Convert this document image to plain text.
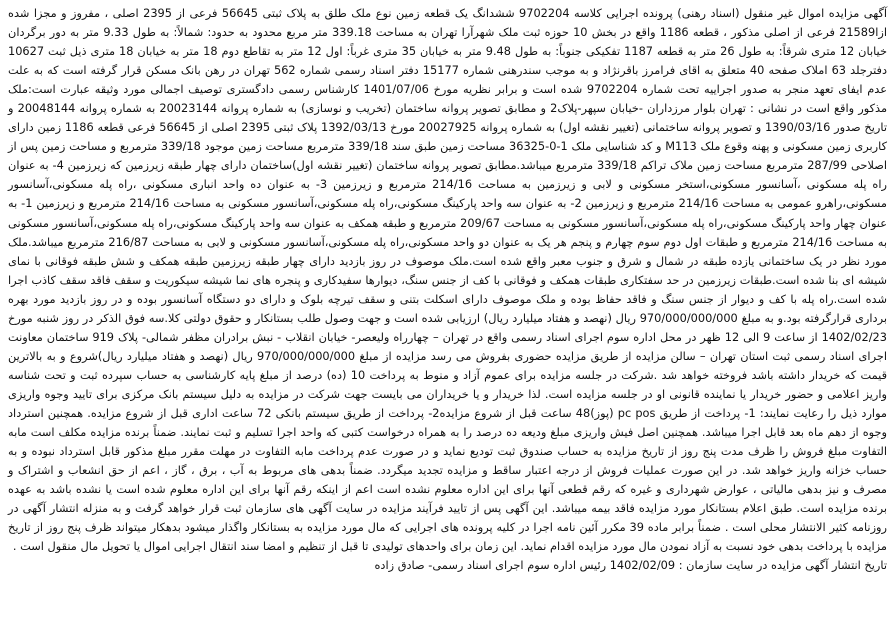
آگهی مزایده اموال غیر منقول (اسناد رهنی) پرونده اجرایی کلاسه 9702204 ششدانگ یک قطعه زمین نوع ملک طلق به پلاک ثبتی 56645 فرعی از 2395 اصلی ، مفروز و مجزا شده ازا21589 فرعی از اصلی مذکور ، قطعه 1186 واقع در بخش 10 حوزه ثبت ملک شهرآرا تهران به مساحت 339.18 متر مربع محدود به حدود: شمالاً: به طول 9.33 متر به دور برگردان خیابان 12 متری شرقاً: به طول 26 متر به قطعه 1187 تفکیکی جنوباً: به طول 9.48 متر به خیابان 35 متری غرباً: اول 12 متر به تقاطع دوم 18 متر به خیابان 18 متری ذیل ثبت 10627 دفترجلد 63 املاک صفحه 40 متعلق به اقای فرامرز باقرنژاد و به موجب سندرهنی شماره 15177 دفتر اسناد رسمی شماره 562 تهران در رهن بانک مسکن قرار گرفته است که به علت عدم ایفای تعهد منجر به صدور اجراییه تحت شماره 9702204 شده است و برابر نظریه مورخ 1401/07/06 کارشناس رسمی دادگستری توصیف اجمالی مورد وثیقه عبارت است:ملک مذکور واقع است در نشانی : تهران بلوار مرزداران -خیابان سپهر-پلاک2 و مطابق تصویر پروانه ساختمان (تخریب و نوسازی) به شماره پروانه 20023144 به شماره پروانه 20048144 و تاریخ صدور 1390/03/16 و تصویر پروانه ساختمانی (تغییر نقشه اول) به شماره پروانه 20027925 مورخ 1392/03/13 پلاک ثبتی 2395 اصلی از 56645 فرعی قطعه 1186 زمین دارای کاربری زمین مسکونی و پهنه وقوع ملک M113 و کد شناسایی ملک 1-0-36325 مساحت زمین طبق سند 339/18 مترمربع مساحت زمین موجود 339/18 مترمربع و مساحت زمین پس از اصلاحی 287/99 مترمربع مساحت زمین ملاک تراکم 339/18 مترمربع میباشد.مطابق تصویر پروانه ساختمان (تغییر نقشه اول)ساختمان دارای چهار طبقه زیرزمین که زیرزمین 4- به عنوان راه پله مسکونی ،آسانسور مسکونی،استخر مسکونی و لابی و زیرزمین به مساحت 214/16 مترمربع و زیرزمین 3- به عنوان ده واحد انباری مسکونی ،راه پله مسکونی،آسانسور مسکونی،راهرو عمومی به مساحت 214/16 مترمربع و زیرزمین 2- به عنوان سه واحد پارکینگ مسکونی،راه پله مسکونی،آسانسور مسکونی به مساحت 214/16 مترمربع و زیرزمین 1- به عنوان چهار واحد پارکینگ مسکونی،راه پله مسکونی،آسانسور مسکونی به مساحت 209/67 مترمربع و طبقه همکف به عنوان سه واحد پارکینگ مسکونی،راه پله مسکونی،آسانسور مسکونی به مساحت 214/16 مترمربع و طبقات اول دوم سوم چهارم و پنجم هر یک به عنوان دو واحد مسکونی،راه پله مسکونی،آسانسور مسکونی و لابی به مساحت 216/87 مترمربع میباشد.ملک مورد نظر در یک ساختمانی یازده طبقه در شمال و شرق و جنوب معبر واقع شده است.ملک موصوف در روز بازدید دارای چهار طبقه زیرزمین طبقه همکف و شش طبقه فوقانی با نمای شیشه ای بنا شده است.طبقات زیرزمین در حد سفتکاری طبقات همکف و فوقانی با کف از جنس سنگ، دیوارها سفیدکاری و پنجره های نما شیشه سیکوریت و سقف فاقد سقف کاذب اجرا شده است.راه پله با کف و دیوار از جنس سنگ و فاقد حفاظ بوده و ملک موصوف دارای اسکلت بتنی و سقف تیرچه بلوک و دارای دو دستگاه آسانسور بوده و در روز بازدید مورد بهره برداری قرارگرفته بود.و به مبلغ 970/000/000/000 ریال (نهصد و هفتاد میلیارد ریال) ارزیابی شده است و جهت وصول طلب بستانکار و حقوق دولتی کلا.سه فوق الذکر در روز شنبه مورخ 1402/02/23 از ساعت 9 الی 12 ظهر در محل اداره سوم اجرای اسناد رسمی واقع در تهران – چهارراه ولیعصر- خیابان انقلاب - نبش برادران مظفر شمالی- پلاک 919 ساختمان معاونت اجرای اسناد رسمی ثبت استان تهران – سالن مزایده از طریق مزایده حضوری بفروش می رسد مزایده از مبلغ 970/000/000/000 ریال (نهصد و هفتاد میلیارد ریال)شروع و به بالاترین قیمت که خریدار داشته باشد فروخته خواهد شد .شرکت در جلسه مزایده برای عموم آزاد و منوط به پرداخت 10 (ده) درصد از مبلغ پایه کارشناسی به حساب سپرده ثبت و تحت شناسه واریز اعلامی و حضور خریدار یا نماینده قانونی او در جلسه مزایده است. لذا خریدار و یا خریداران می بایست جهت شرکت در مزایده به دلیل سیستم بانک مرکزی برای تایید وجوه واریزی موارد ذیل را رعایت نمایند: 1- پرداخت از طریق pc pos (پوز)48 ساعت قبل از شروع مزایده2- پرداخت از طریق سیستم بانکی 72 ساعت اداری قبل از شروع مزایده. همچنین استرداد وجوه از دهم ماه بعد قابل اجرا میباشد. همچنین اصل فیش واریزی مبلغ ودیعه ده درصد را به همراه درخواست کتبی که واحد اجرا تسلیم و ثبت نمایند. ضمناً برنده مزایده مکلف است مابه التفاوت مبلغ فروش را ظرف مدت پنج روز از تاریخ مزایده به حساب صندوق ثبت تودیع نماید و در صورت عدم پرداخت مابه التفاوت در مهلت مقرر مبلغ مذکور قابل استرداد نبوده و به حساب خزانه واریز خواهد شد. در این صورت عملیات فروش از درجه اعتبار ساقط و مزایده تجدید میگردد. ضمناً بدهی های مربوط به آب ، برق ، گاز ، اعم از حق انشعاب و اشتراک و مصرف و نیز بدهی مالیاتی ، عوارض شهرداری و غیره که رقم قطعی آنها برای این اداره معلوم نشده است اعم از اینکه رقم آنها برای این اداره معلوم شده است یا نشده باشد به عهده برنده مزایده است. طبق اعلام بستانکار مورد مزایده فاقد بیمه میباشد. این آگهی پس از تایید فرآیند مزایده در سایت آگهی های سازمان ثبت قرار خواهد گرفت و به منزله انتشار آگهی در روزنامه کثیر الانتشار محلی است . ضمناً برابر ماده 39 مکرر آئین نامه اجرا در کلیه پرونده های اجرایی که مال مورد مزایده به بستانکار واگذار میشود بدهکار میتواند ظرف پنج روز از تاریخ مزایده با پرداخت بدهی خود نسبت به آزاد نمودن مال مورد مزایده اقدام نماید. این زمان برای واحدهای تولیدی تا قبل از تنظیم و امضا سند انتقال اجرایی اموال یا تحویل مال منقول است .

تاریخ انتشار آگهی مزایده در سایت سازمان : 1402/02/09 رئیس اداره سوم اجرای اسناد رسمی- صادق زاده
